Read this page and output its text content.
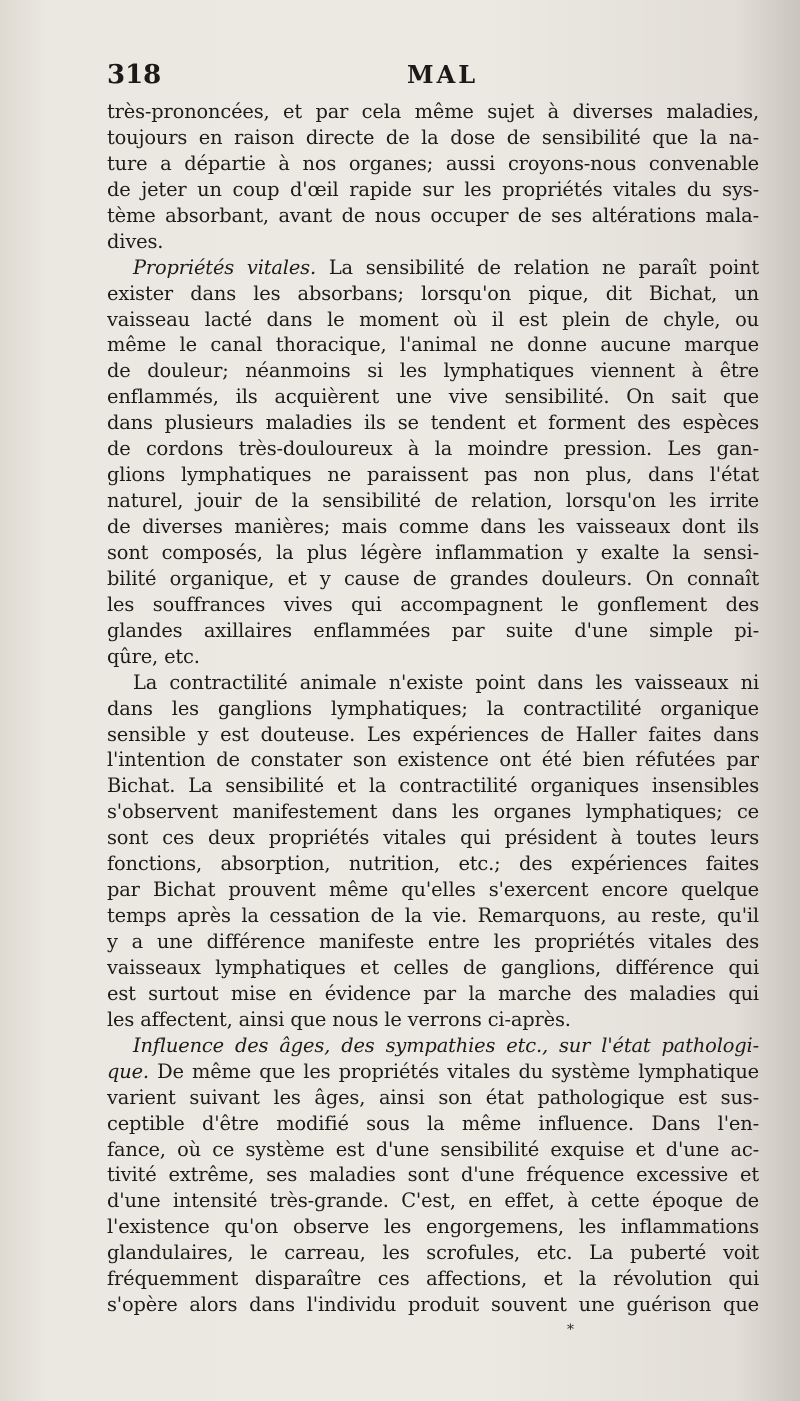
318	MAL
très-prononcées, et par cela même sujet à diverses maladies,
toujours en raison directe de la dose de sensibilité que la na-
ture a départie à nos organes; aussi croyons-nous convenable
de jeter un coup d'œil rapide sur les propriétés vitales du sys-
tème absorbant, avant de nous occuper de ses altérations mala-
dives.
Propriétés vitales. La sensibilité de relation ne paraît point
exister dans les absorbans; lorsqu'on pique, dit Bichat, un
vaisseau lacté dans le moment où il est plein de chyle, ou
même le canal thoracique, l'animal ne donne aucune marque
de douleur; néanmoins si les lymphatiques viennent à être
enflammés, ils acquièrent une vive sensibilité. On sait que
dans plusieurs maladies ils se tendent et forment des espèces
de cordons très-douloureux à la moindre pression. Les gan-
glions lymphatiques ne paraissent pas non plus, dans l'état
naturel, jouir de la sensibilité de relation, lorsqu'on les irrite
de diverses manières; mais comme dans les vaisseaux dont ils
sont composés, la plus légère inflammation y exalte la sensi-
bilité organique, et y cause de grandes douleurs. On connaît
les souffrances vives qui accompagnent le gonflement des
glandes axillaires enflammées par suite d'une simple pi-
qûre, etc.
La contractilité animale n'existe point dans les vaisseaux ni
dans les ganglions lymphatiques; la contractilité organique
sensible y est douteuse. Les expériences de Haller faites dans
l'intention de constater son existence ont été bien réfutées par
Bichat. La sensibilité et la contractilité organiques insensibles
s'observent manifestement dans les organes lymphatiques; ce
sont ces deux propriétés vitales qui président à toutes leurs
fonctions, absorption, nutrition, etc.; des expériences faites
par Bichat prouvent même qu'elles s'exercent encore quelque
temps après la cessation de la vie. Remarquons, au reste, qu'il
y a une différence manifeste entre les propriétés vitales des
vaisseaux lymphatiques et celles de ganglions, différence qui
est surtout mise en évidence par la marche des maladies qui
les affectent, ainsi que nous le verrons ci-après.
Influence des âges, des sympathies etc., sur l'état pathologi-
que. De même que les propriétés vitales du système lymphatique
varient suivant les âges, ainsi son état pathologique est sus-
ceptible d'être modifié sous la même influence. Dans l'en-
fance, où ce système est d'une sensibilité exquise et d'une ac-
tivité extrême, ses maladies sont d'une fréquence excessive et
d'une intensité très-grande. C'est, en effet, à cette époque de
l'existence qu'on observe les engorgemens, les inflammations
glandulaires, le carreau, les scrofules, etc. La puberté voit
fréquemment disparaître ces affections, et la révolution qui
s'opère alors dans l'individu produit souvent une guérison que
*
